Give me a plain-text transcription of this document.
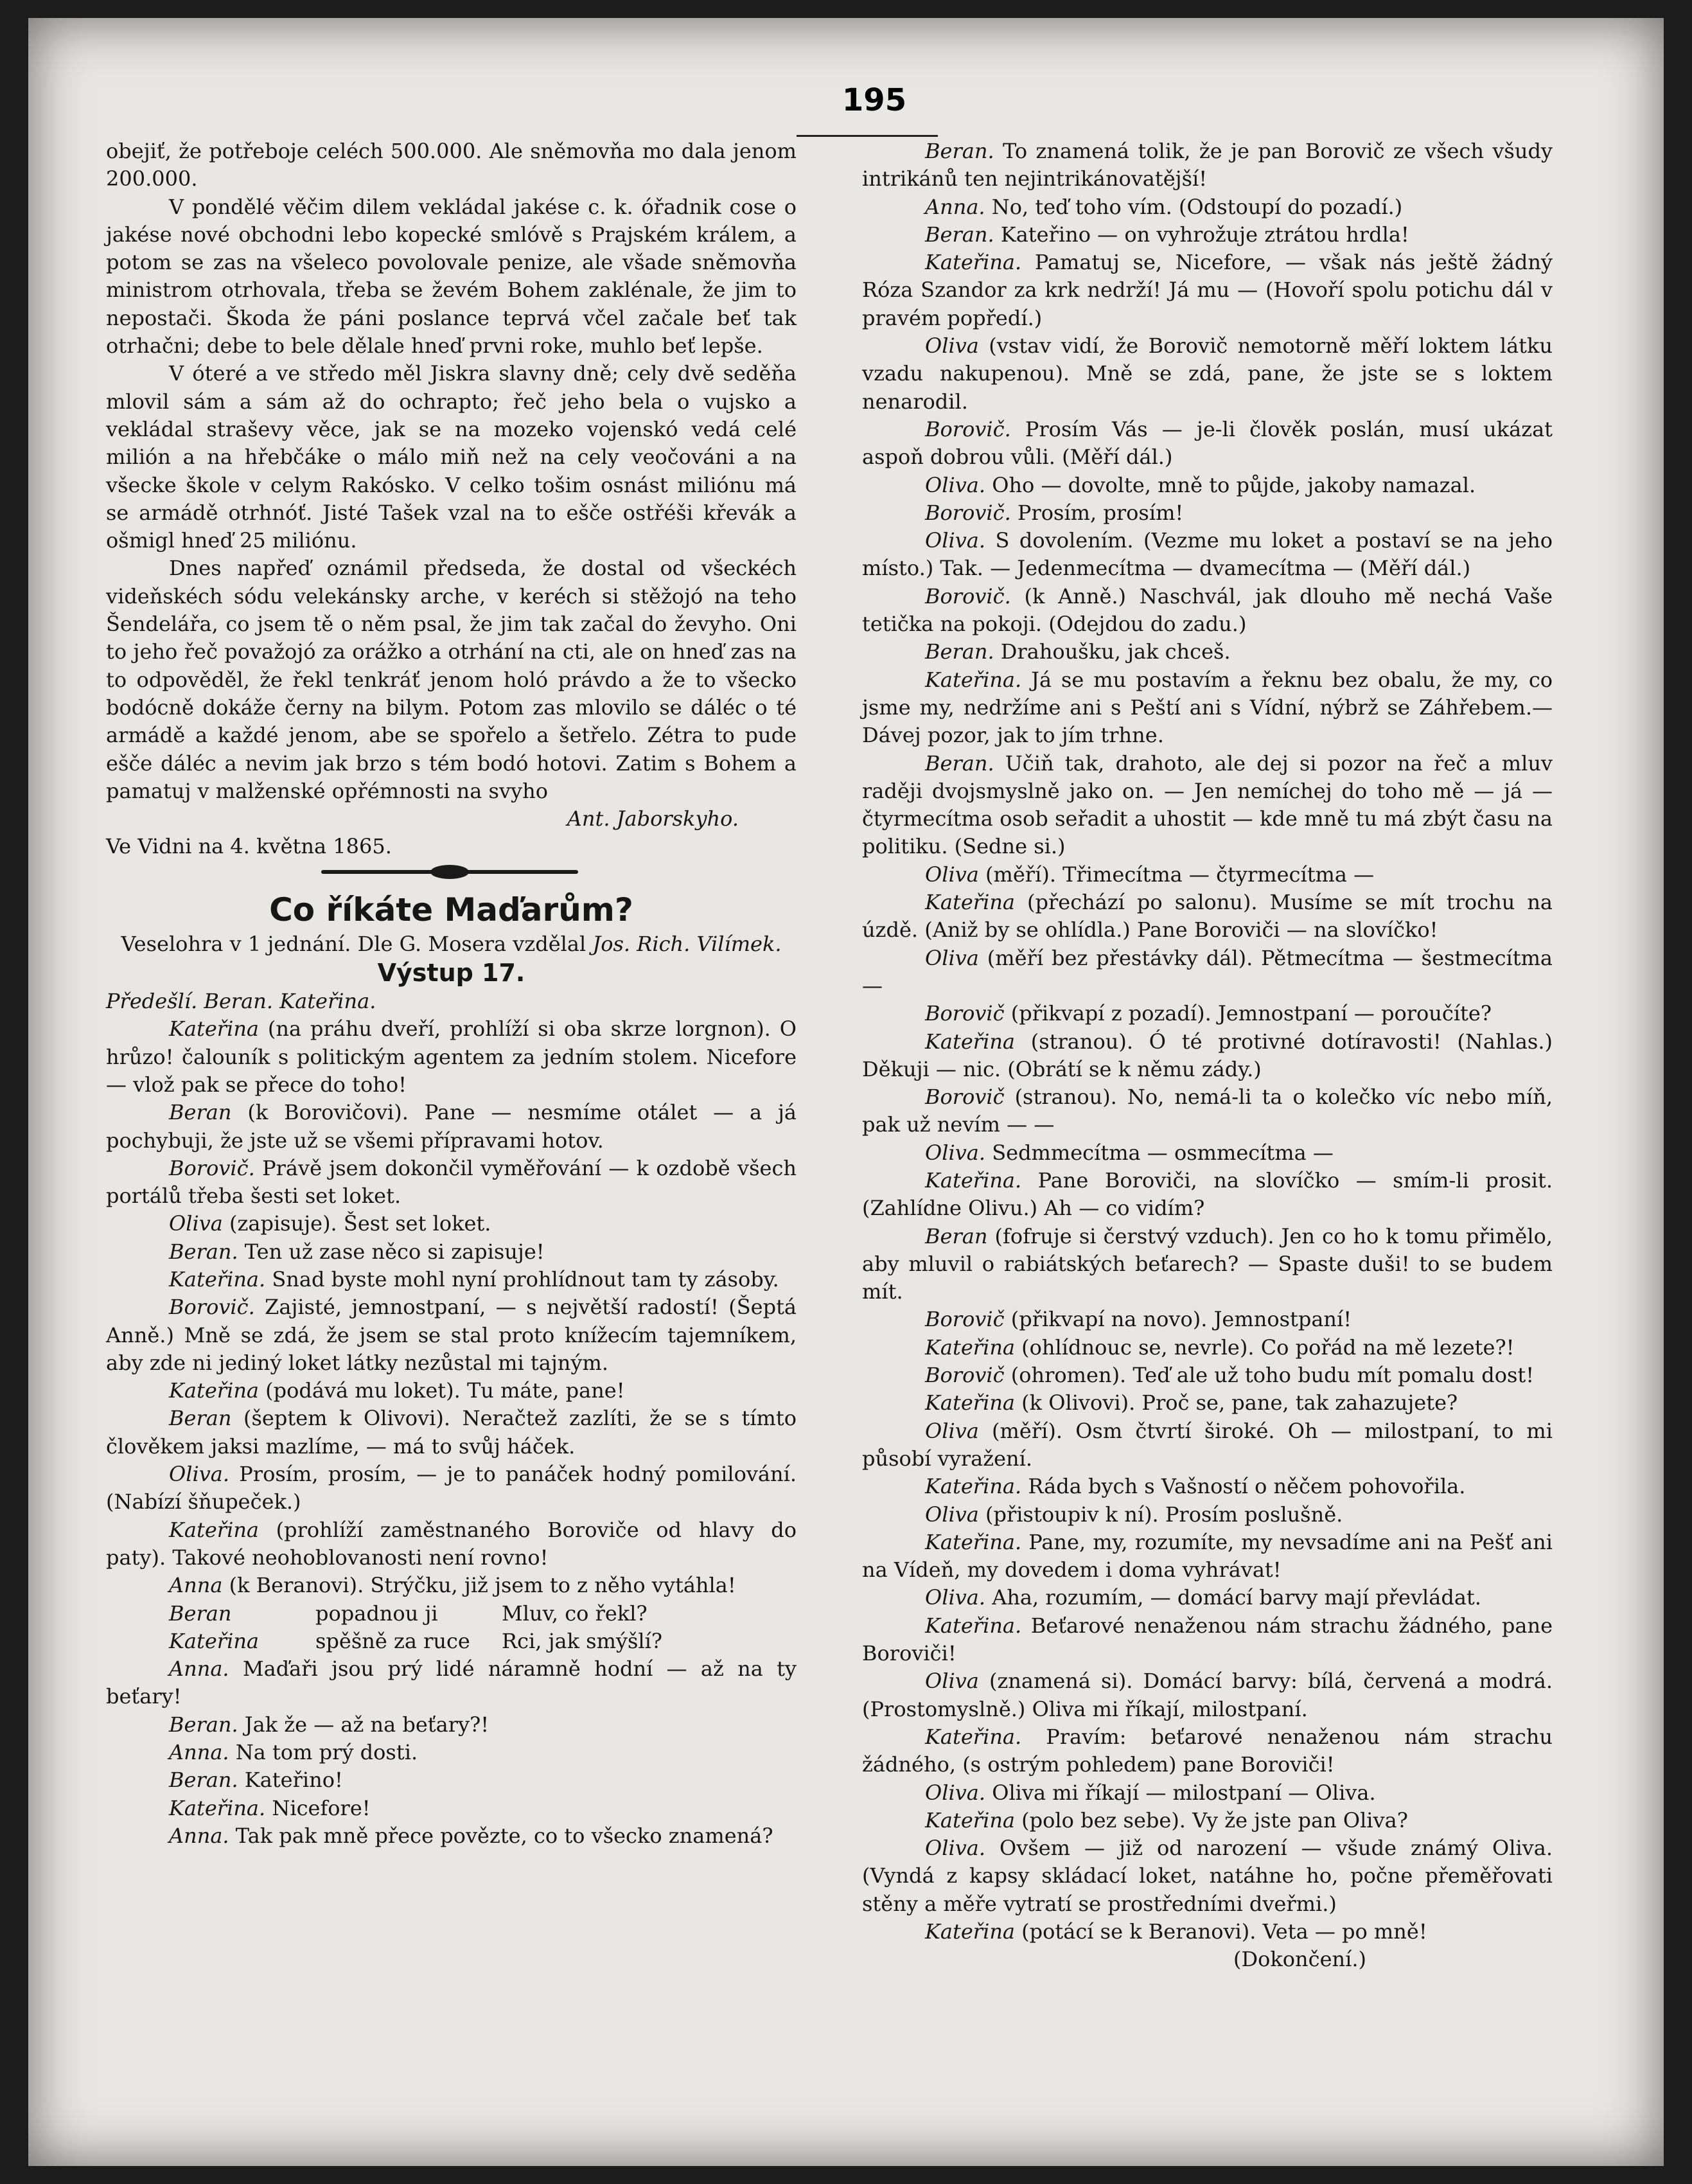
195

obejiť, že potřeboje celéch 500.000. Ale sněmovňa mo dala jenom 200.000.

V pondělé věčim dilem vekládal jakése c. k. óřadnik cose o jakése nové obchodni lebo kopecké smlóvě s Prajském králem, a potom se zas na všeleco povolovale penize, ale všade sněmovňa ministrom otrhovala, třeba se ževém Bohem zaklénale, že jim to nepostači. Škoda že páni poslance teprvá včel začale beť tak otrhačni; debe to bele dělale hneď prvni roke, muhlo beť lepše.

V óteré a ve středo měl Jiskra slavny dně; cely dvě seděňa mlovil sám a sám až do ochrapto; řeč jeho bela o vujsko a vekládal straševy věce, jak se na mozeko vojenskó vedá celé milión a na hřebčáke o málo miň než na cely veočováni a na všecke škole v celym Rakósko. V celko tošim osnást miliónu má se armádě otrhnóť. Jisté Tašek vzal na to ešče ostřéši křevák a ošmigl hneď 25 miliónu.

Dnes napřeď oznámil předseda, že dostal od všeckéch videňskéch sódu velekánsky arche, v keréch si stěžojó na teho Šendelářa, co jsem tě o něm psal, že jim tak začal do ževyho. Oni to jeho řeč považojó za orážko a otrhání na cti, ale on hneď zas na to odpověděl, že řekl tenkráť jenom holó právdo a že to všecko bodócně dokáže černy na bilym. Potom zas mlovilo se dáléc o té armádě a každé jenom, abe se spořelo a šetřelo. Zétra to pude ešče dáléc a nevim jak brzo s tém bodó hotovi. Zatim s Bohem a pamatuj v malženské opřémnosti na svyho

Ant. Jaborskyho.

Ve Vidni na 4. května 1865.

Co říkáte Maďarům?

Veselohra v 1 jednání. Dle G. Mosera vzdělal Jos. Rich. Vilímek.

Výstup 17.

Předešlí. Beran. Kateřina.

Kateřina (na práhu dveří, prohlíží si oba skrze lorgnon). O hrůzo! čalouník s politickým agentem za jedním stolem. Nicefore — vlož pak se přece do toho!

Beran (k Borovičovi). Pane — nesmíme otálet — a já pochybuji, že jste už se všemi přípravami hotov.

Borovič. Právě jsem dokončil vyměřování — k ozdobě všech portálů třeba šesti set loket.

Oliva (zapisuje). Šest set loket.

Beran. Ten už zase něco si zapisuje!

Kateřina. Snad byste mohl nyní prohlídnout tam ty zásoby.

Borovič. Zajisté, jemnostpaní, — s největší radostí! (Šeptá Anně.) Mně se zdá, že jsem se stal proto knížecím tajemníkem, aby zde ni jediný loket látky nezůstal mi tajným.

Kateřina (podává mu loket). Tu máte, pane!

Beran (šeptem k Olivovi). Neračtež zazlíti, že se s tímto člověkem jaksi mazlíme, — má to svůj háček.

Oliva. Prosím, prosím, — je to panáček hodný pomilování. (Nabízí šňupeček.)

Kateřina (prohlíží zaměstnaného Boroviče od hlavy do paty). Takové neohoblovanosti není rovno!

Anna (k Beranovi). Strýčku, již jsem to z něho vytáhla!

Beran	popadnou ji	Mluv, co řekl?
Kateřina	spěšně za ruce	Rci, jak smýšlí?

Anna. Maďaři jsou prý lidé náramně hodní — až na ty beťary!

Beran. Jak že — až na beťary?!

Anna. Na tom prý dosti.

Beran. Kateřino!

Kateřina. Nicefore!

Anna. Tak pak mně přece povězte, co to všecko znamená?

Beran. To znamená tolik, že je pan Borovič ze všech všudy intrikánů ten nejintrikánovatější!

Anna. No, teď toho vím. (Odstoupí do pozadí.)

Beran. Kateřino — on vyhrožuje ztrátou hrdla!

Kateřina. Pamatuj se, Nicefore, — však nás ještě žádný Róza Szandor za krk nedrží! Já mu — (Hovoří spolu potichu dál v pravém popředí.)

Oliva (vstav vidí, že Borovič nemotorně měří loktem látku vzadu nakupenou). Mně se zdá, pane, že jste se s loktem nenarodil.

Borovič. Prosím Vás — je-li člověk poslán, musí ukázat aspoň dobrou vůli. (Měří dál.)

Oliva. Oho — dovolte, mně to půjde, jakoby namazal.

Borovič. Prosím, prosím!

Oliva. S dovolením. (Vezme mu loket a postaví se na jeho místo.) Tak. — Jedenmecítma — dvamecítma — (Měří dál.)

Borovič. (k Anně.) Naschvál, jak dlouho mě nechá Vaše tetička na pokoji. (Odejdou do zadu.)

Beran. Drahoušku, jak chceš.

Kateřina. Já se mu postavím a řeknu bez obalu, že my, co jsme my, nedržíme ani s Peští ani s Vídní, nýbrž se Záhřebem.— Dávej pozor, jak to jím trhne.

Beran. Učiň tak, drahoto, ale dej si pozor na řeč a mluv raději dvojsmyslně jako on. — Jen nemíchej do toho mě — já — čtyrmecítma osob seřadit a uhostit — kde mně tu má zbýt času na politiku. (Sedne si.)

Oliva (měří). Třimecítma — čtyrmecítma —

Kateřina (přechází po salonu). Musíme se mít trochu na úzdě. (Aniž by se ohlídla.) Pane Boroviči — na slovíčko!

Oliva (měří bez přestávky dál). Pětmecítma — šestmecítma —

Borovič (přikvapí z pozadí). Jemnostpaní — poroučíte?

Kateřina (stranou). Ó té protivné dotíravosti! (Nahlas.) Děkuji — nic. (Obrátí se k němu zády.)

Borovič (stranou). No, nemá-li ta o kolečko víc nebo míň, pak už nevím — —

Oliva. Sedmmecítma — osmmecítma —

Kateřina. Pane Boroviči, na slovíčko — smím-li prosit. (Zahlídne Olivu.) Ah — co vidím?

Beran (fofruje si čerstvý vzduch). Jen co ho k tomu přimělo, aby mluvil o rabiátských beťarech? — Spaste duši! to se budem mít.

Borovič (přikvapí na novo). Jemnostpaní!

Kateřina (ohlídnouc se, nevrle). Co pořád na mě lezete?!

Borovič (ohromen). Teď ale už toho budu mít pomalu dost!

Kateřina (k Olivovi). Proč se, pane, tak zahazujete?

Oliva (měří). Osm čtvrtí široké. Oh — milostpaní, to mi působí vyražení.

Kateřina. Ráda bych s Vašností o něčem pohovořila.

Oliva (přistoupiv k ní). Prosím poslušně.

Kateřina. Pane, my, rozumíte, my nevsadíme ani na Pešť ani na Vídeň, my dovedem i doma vyhrávat!

Oliva. Aha, rozumím, — domácí barvy mají převládat.

Kateřina. Beťarové nenaženou nám strachu žádného, pane Boroviči!

Oliva (znamená si). Domácí barvy: bílá, červená a modrá. (Prostomyslně.) Oliva mi říkají, milostpaní.

Kateřina. Pravím: beťarové nenaženou nám strachu žádného, (s ostrým pohledem) pane Boroviči!

Oliva. Oliva mi říkají — milostpaní — Oliva.

Kateřina (polo bez sebe). Vy že jste pan Oliva?

Oliva. Ovšem — již od narození — všude známý Oliva. (Vyndá z kapsy skládací loket, natáhne ho, počne přeměřovati stěny a měře vytratí se prostředními dveřmi.)

Kateřina (potácí se k Beranovi). Veta — po mně!

(Dokončení.)
